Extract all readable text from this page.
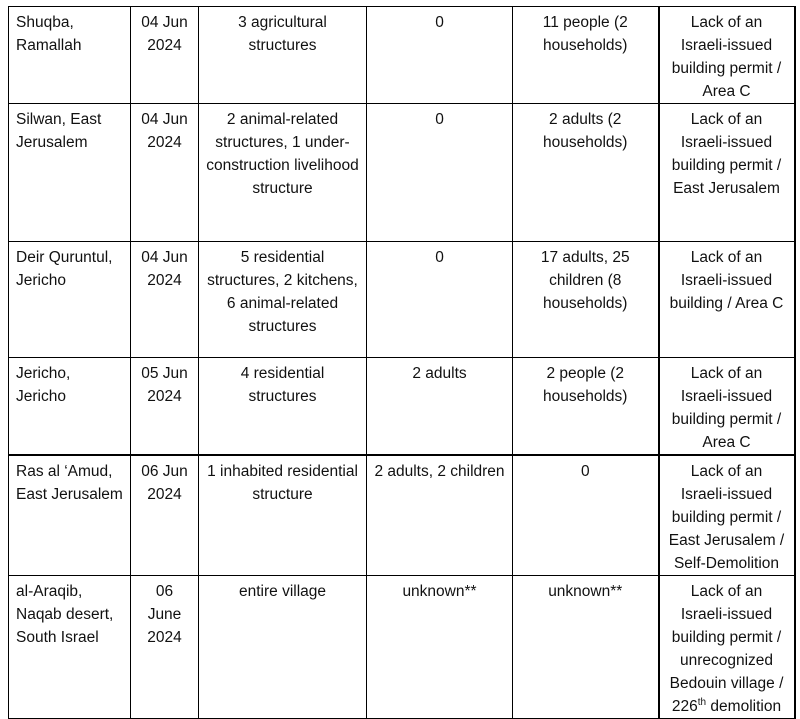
Shuqba, Ramallah	04 Jun 2024	3 agricultural structures	0	11 people (2 households)	Lack of an Israeli-issued building permit / Area C
Silwan, East Jerusalem	04 Jun 2024	2 animal-related structures, 1 under-construction livelihood structure	0	2 adults (2 households)	Lack of an Israeli-issued building permit / East Jerusalem
Deir Quruntul, Jericho	04 Jun 2024	5 residential structures, 2 kitchens, 6 animal-related structures	0	17 adults, 25 children (8 households)	Lack of an Israeli-issued building / Area C
Jericho, Jericho	05 Jun 2024	4 residential structures	2 adults	2 people (2 households)	Lack of an Israeli-issued building permit / Area C
Ras al ‘Amud, East Jerusalem	06 Jun 2024	1 inhabited residential structure	2 adults, 2 children	0	Lack of an Israeli-issued building permit / East Jerusalem / Self-Demolition
al-Araqib, Naqab desert, South Israel	06 June 2024	entire village	unknown**	unknown**	Lack of an Israeli-issued building permit / unrecognized Bedouin village / 226th demolition
